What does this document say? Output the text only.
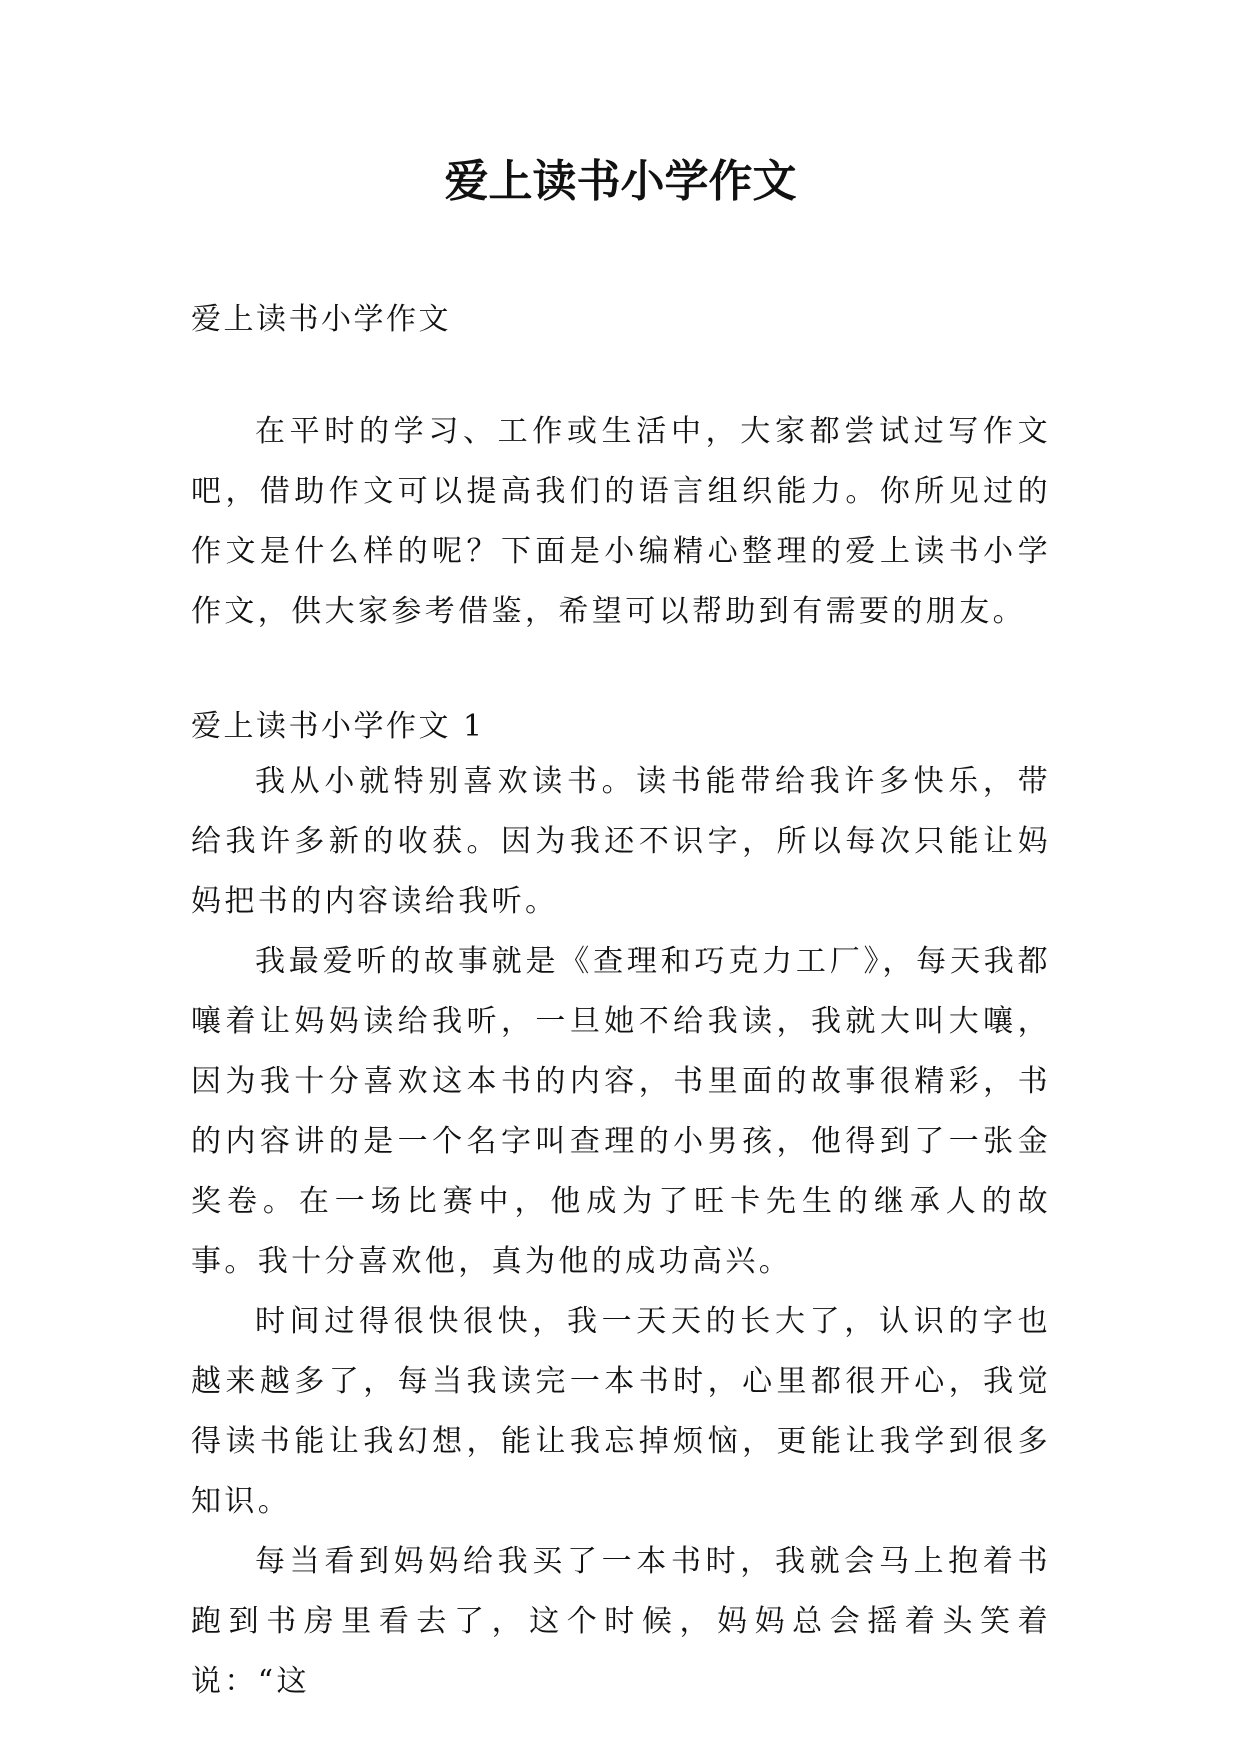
爱上读书小学作文

爱上读书小学作文

在平时的学习、工作或生活中，大家都尝试过写作文吧，借助作文可以提高我们的语言组织能力。你所见过的作文是什么样的呢？下面是小编精心整理的爱上读书小学作文，供大家参考借鉴，希望可以帮助到有需要的朋友。

爱上读书小学作文 1

我从小就特别喜欢读书。读书能带给我许多快乐，带给我许多新的收获。因为我还不识字，所以每次只能让妈妈把书的内容读给我听。

我最爱听的故事就是《查理和巧克力工厂》，每天我都嚷着让妈妈读给我听，一旦她不给我读，我就大叫大嚷，因为我十分喜欢这本书的内容，书里面的故事很精彩，书的内容讲的是一个名字叫查理的小男孩，他得到了一张金奖卷。在一场比赛中，他成为了旺卡先生的继承人的故事。我十分喜欢他，真为他的成功高兴。

时间过得很快很快，我一天天的长大了，认识的字也越来越多了，每当我读完一本书时，心里都很开心，我觉得读书能让我幻想，能让我忘掉烦恼，更能让我学到很多知识。

每当看到妈妈给我买了一本书时，我就会马上抱着书跑到书房里看去了，这个时候，妈妈总会摇着头笑着说：“这
